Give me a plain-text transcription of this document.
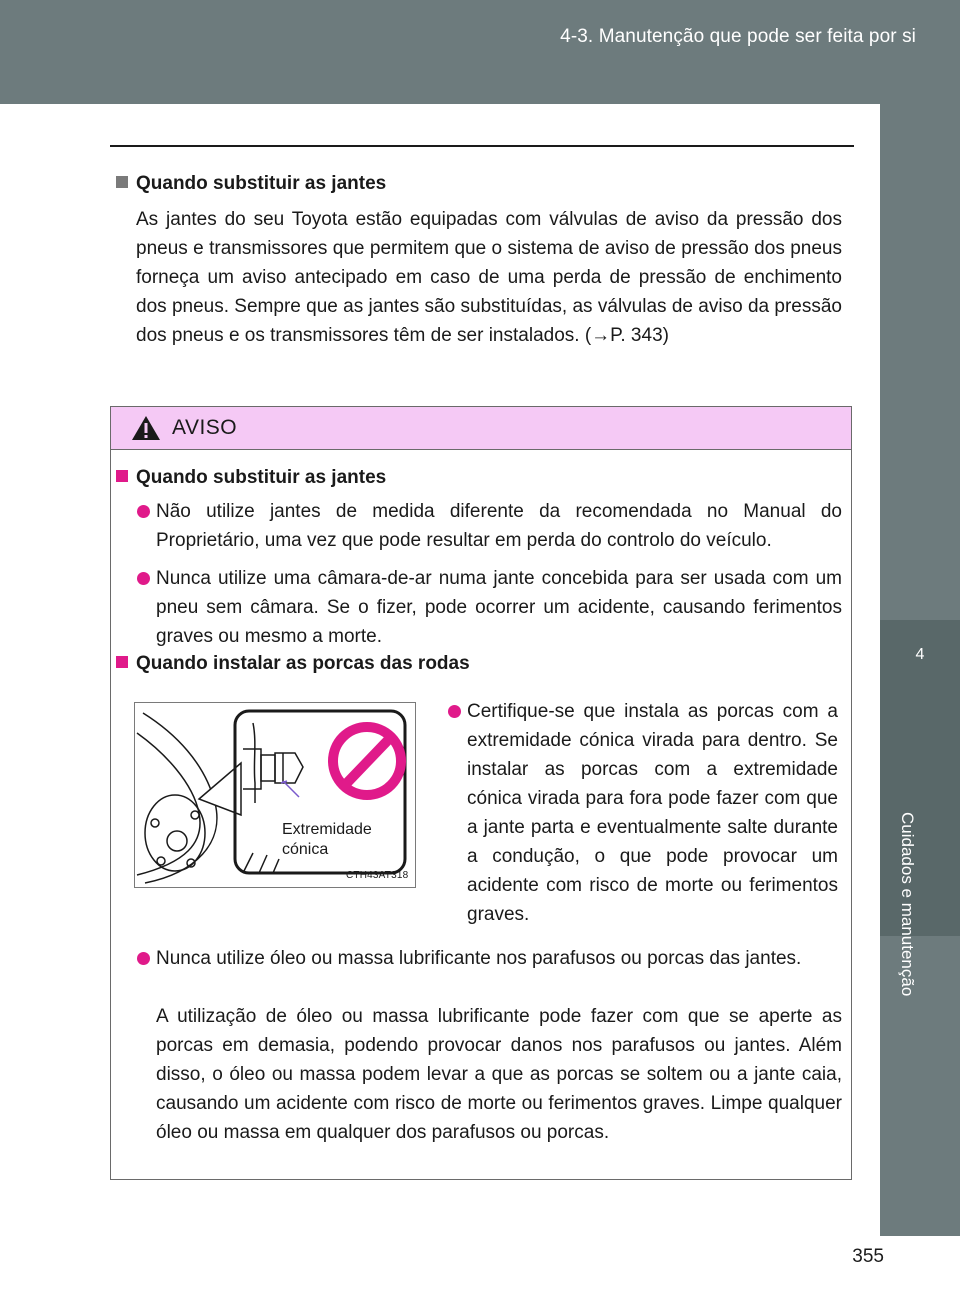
4-3. Manutenção que pode ser feita por si
4
Cuidados e manutenção
Quando substituir as jantes
As jantes do seu Toyota estão equipadas com válvulas de aviso da pressão dos pneus e transmissores que permitem que o sistema de aviso de pressão dos pneus forneça um aviso antecipado em caso de uma perda de pressão de enchimento dos pneus. Sempre que as jantes são substituídas, as válvulas de aviso da pressão dos pneus e os transmissores têm de ser instalados. (→P. 343)
AVISO
Quando substituir as jantes
Não utilize jantes de medida diferente da recomendada no Manual do Proprietário, uma vez que pode resultar em perda do controlo do veículo.
Nunca utilize uma câmara-de-ar numa jante concebida para ser usada com um pneu sem câmara. Se o fizer, pode ocorrer um acidente, causando ferimentos graves ou mesmo a morte.
Quando instalar as porcas das rodas
Extremidade
cónica
CTH43AT318
Certifique-se que instala as porcas com a extremidade cónica virada para dentro. Se instalar as porcas com a extremidade cónica virada para fora pode fazer com que a jante parta e eventualmente salte durante a condução, o que pode provocar um acidente com risco de morte ou ferimentos graves.
Nunca utilize óleo ou massa lubrificante nos parafusos ou porcas das jantes.
A utilização de óleo ou massa lubrificante pode fazer com que se aperte as porcas em demasia, podendo provocar danos nos parafusos ou jantes. Além disso, o óleo ou massa podem levar a que as porcas se soltem ou a jante caia, causando um acidente com risco de morte ou ferimentos graves. Limpe qualquer óleo ou massa em qualquer dos parafusos ou porcas.
355
